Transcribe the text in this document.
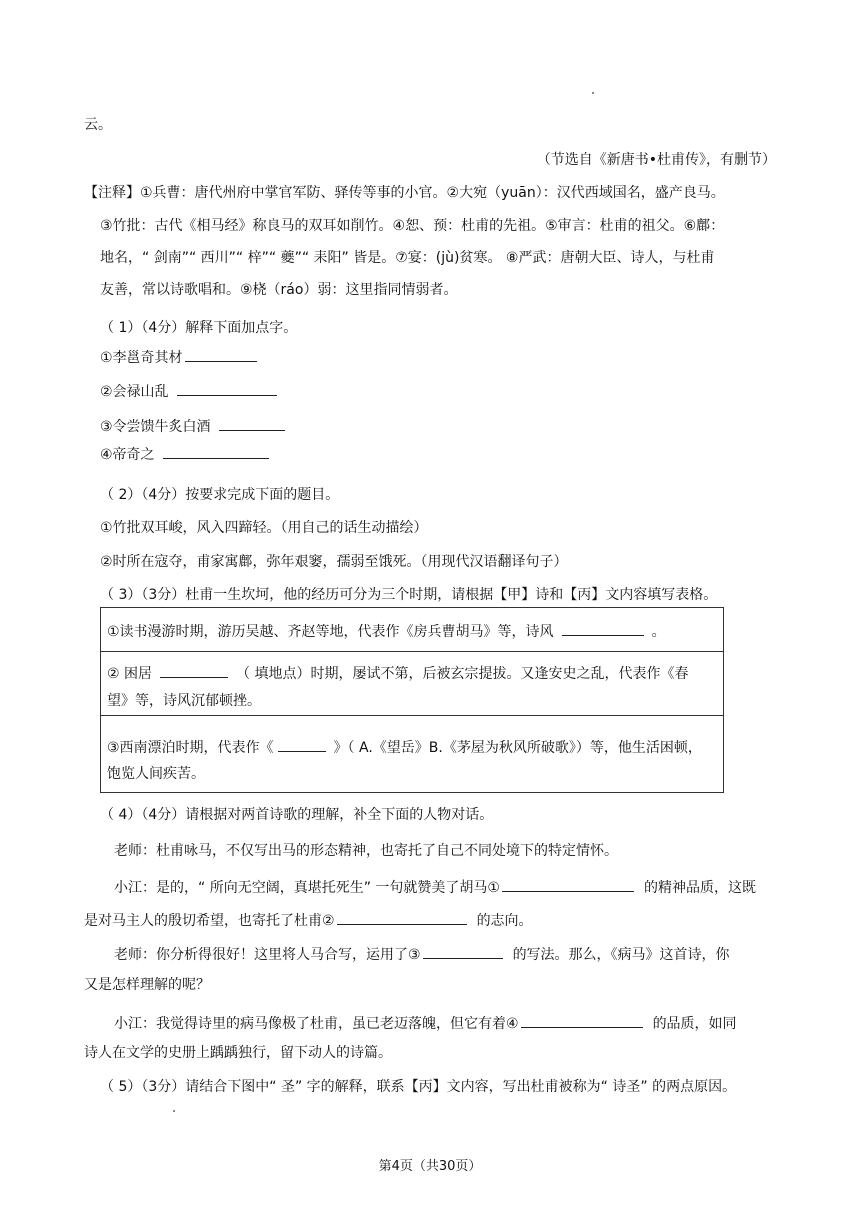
云。
（节选自《新唐书•杜甫传》，有删节）
【注释】①兵曹：唐代州府中掌官军防、驿传等事的小官。②大宛（yuān）：汉代西域国名，盛产良马。
③竹批：古代《相马经》称良马的双耳如削竹。④恕、预：杜甫的先祖。⑤审言：杜甫的祖父。⑥鄜：
地名，“ 剑南”“ 西川”“ 梓”“ 夔”“ 耒阳” 皆是。⑦宴：(jù)贫寒。 ⑧严武：唐朝大臣、诗人，与杜甫
友善，常以诗歌唱和。⑨桡（ráo）弱：这里指同情弱者。
（ 1）（4分）解释下面加点字。
①李邕奇其材
②会禄山乱
③令尝馈牛炙白酒
④帝奇之
（ 2）（4分）按要求完成下面的题目。
①竹批双耳峻，风入四蹄轻。（用自己的话生动描绘）
②时所在寇夺，甫家寓鄜，弥年艰窭，孺弱至饿死。（用现代汉语翻译句子）
（ 3）（3分）杜甫一生坎坷，他的经历可分为三个时期，请根据【甲】诗和【丙】文内容填写表格。
①读书漫游时期，游历吴越、齐赵等地，代表作《房兵曹胡马》等，诗风	。
② 困居	（ 填地点）时期，屡试不第，后被玄宗提拔。又逢安史之乱，代表作《春
望》等，诗风沉郁顿挫。
③西南漂泊时期，代表作《	》（ A.《望岳》B.《茅屋为秋风所破歌》）等，他生活困顿，
饱览人间疾苦。
（ 4）（4分）请根据对两首诗歌的理解，补全下面的人物对话。
老师：杜甫咏马，不仅写出马的形态精神，也寄托了自己不同处境下的特定情怀。
小江：是的，“ 所向无空阔，真堪托死生” 一句就赞美了胡马①	的精神品质，这既
是对马主人的殷切希望，也寄托了杜甫②	的志向。
老师：你分析得很好！这里将人马合写，运用了③	的写法。那么，《病马》这首诗，你
又是怎样理解的呢？
小江：我觉得诗里的病马像极了杜甫，虽已老迈落魄，但它有着④	的品质，如同
诗人在文学的史册上踽踽独行，留下动人的诗篇。
（ 5）（3分）请结合下图中“ 圣” 字的解释，联系【丙】文内容，写出杜甫被称为“ 诗圣” 的两点原因。
第4页（共30页）
